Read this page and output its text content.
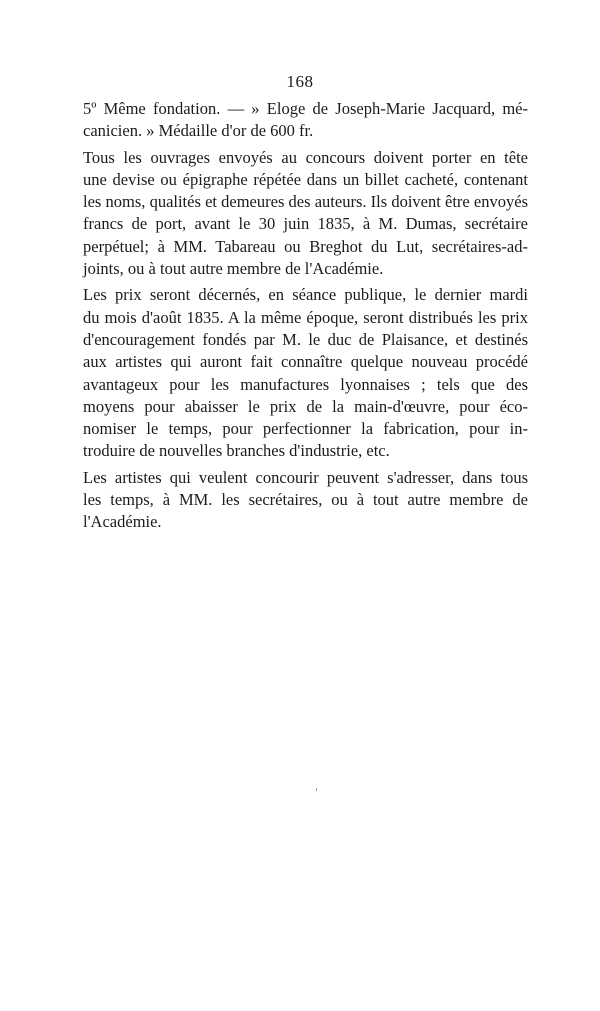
168

5º Même fondation. — » Eloge de Joseph-Marie Jacquard, mé-
canicien. » Médaille d'or de 600 fr.

Tous les ouvrages envoyés au concours doivent porter en tête
une devise ou épigraphe répétée dans un billet cacheté, contenant
les noms, qualités et demeures des auteurs. Ils doivent être envoyés
francs de port, avant le 30 juin 1835, à M. Dumas, secrétaire
perpétuel; à MM. Tabareau ou Breghot du Lut, secrétaires-ad-
joints, ou à tout autre membre de l'Académie.

Les prix seront décernés, en séance publique, le dernier mardi
du mois d'août 1835. A la même époque, seront distribués les prix
d'encouragement fondés par M. le duc de Plaisance, et destinés
aux artistes qui auront fait connaître quelque nouveau procédé
avantageux pour les manufactures lyonnaises ; tels que des
moyens pour abaisser le prix de la main-d'œuvre, pour éco-
nomiser le temps, pour perfectionner la fabrication, pour in-
troduire de nouvelles branches d'industrie, etc.

Les artistes qui veulent concourir peuvent s'adresser, dans tous
les temps, à MM. les secrétaires, ou à tout autre membre de
l'Académie.
